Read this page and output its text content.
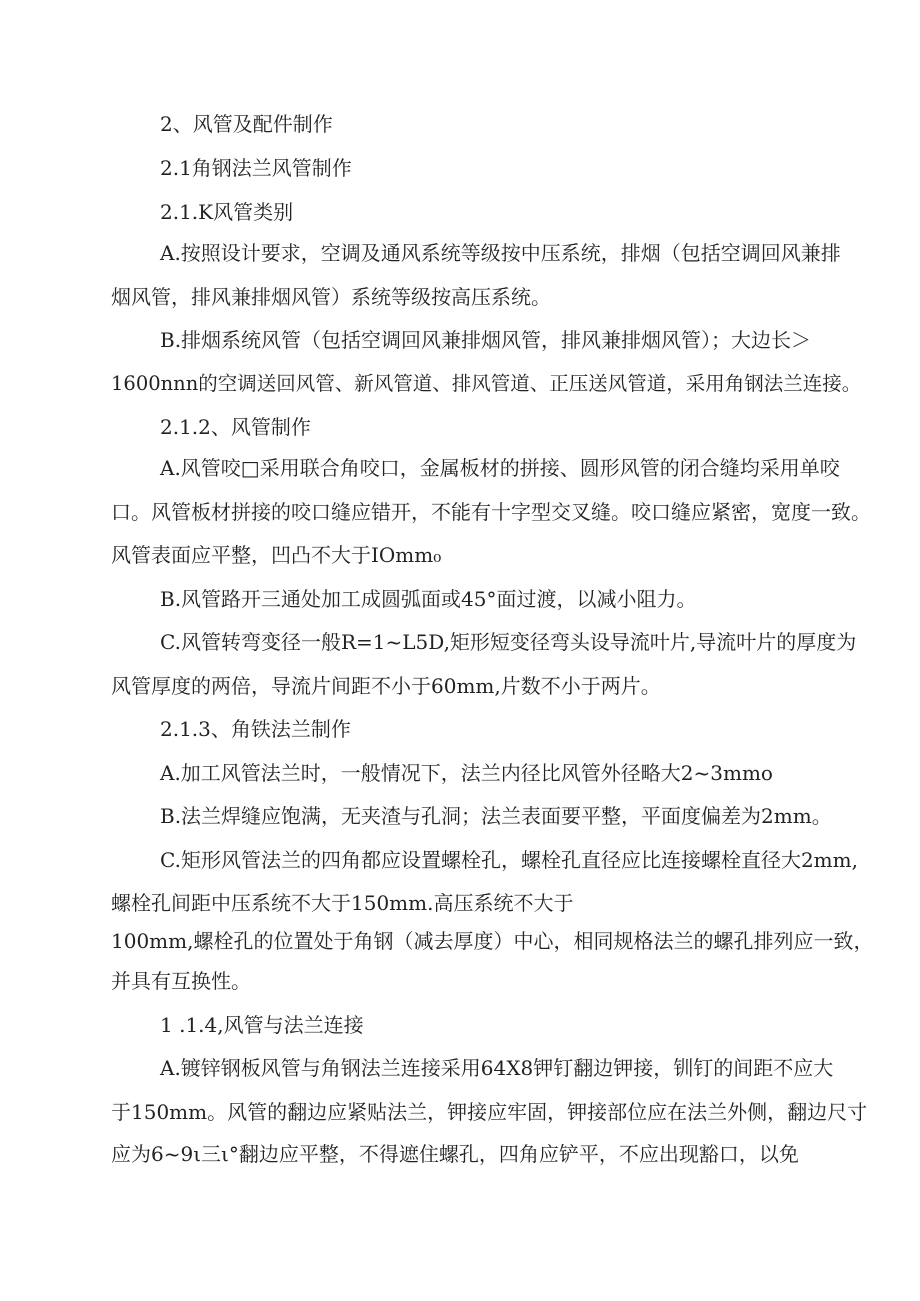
2、风管及配件制作
2.1角钢法兰风管制作
2.1.K风管类别
A.按照设计要求，空调及通风系统等级按中压系统，排烟（包括空调回风兼排
烟风管，排风兼排烟风管）系统等级按高压系统。
B.排烟系统风管（包括空调回风兼排烟风管，排风兼排烟风管）；大边长＞
1600nnn的空调送回风管、新风管道、排风管道、正压送风管道，采用角钢法兰连接。
2.1.2、风管制作
A.风管咬□采用联合角咬口，金属板材的拼接、圆形风管的闭合缝均采用单咬
口。风管板材拼接的咬口缝应错开，不能有十字型交叉缝。咬口缝应紧密，宽度一致。
风管表面应平整，凹凸不大于IOmm₀
B.风管路开三通处加工成圆弧面或45°面过渡，以减小阻力。
C.风管转弯变径一般R=1~L5D,矩形短变径弯头设导流叶片,导流叶片的厚度为
风管厚度的两倍，导流片间距不小于60mm,片数不小于两片。
2.1.3、角铁法兰制作
A.加工风管法兰时，一般情况下，法兰内径比风管外径略大2~3mmo
B.法兰焊缝应饱满，无夹渣与孔洞；法兰表面要平整，平面度偏差为2mm。
C.矩形风管法兰的四角都应设置螺栓孔，螺栓孔直径应比连接螺栓直径大2mm,
螺栓孔间距中压系统不大于150mm.高压系统不大于
100mm,螺栓孔的位置处于角钢（减去厚度）中心，相同规格法兰的螺孔排列应一致，
并具有互换性。
1 .1.4,风管与法兰连接
A.镀锌钢板风管与角钢法兰连接采用64X8钾钉翻边钾接，钏钉的间距不应大
于150mm。风管的翻边应紧贴法兰，钾接应牢固，钾接部位应在法兰外侧，翻边尺寸
应为6~9ι三ι°翻边应平整，不得遮住螺孔，四角应铲平，不应出现豁口，以免
